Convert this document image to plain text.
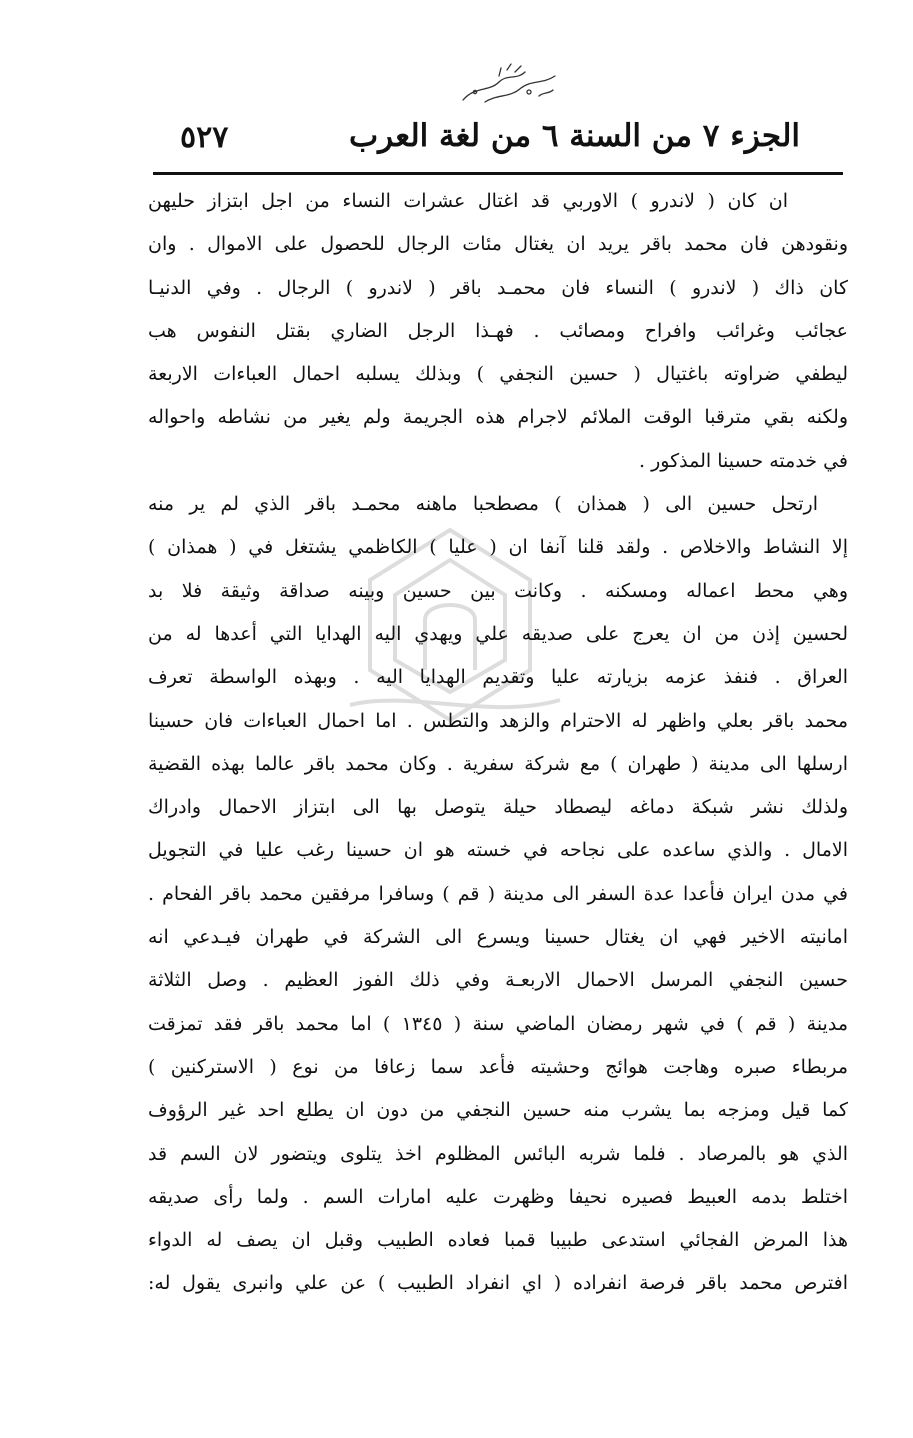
الجزء ٧ من السنة ٦ من لغة العرب
٥٢٧
ان كان ( لاندرو ) الاوربي قد اغتال عشرات النساء من اجل ابتزاز حليهن
ونقودهن فان محمد باقر يريد ان يغتال مئات الرجال للحصول على الاموال . وان
كان ذاك ( لاندرو ) النساء فان محمـد باقر ( لاندرو ) الرجال . وفي الدنيـا
عجائب وغرائب وافراح ومصائب . فهـذا الرجل الضاري بقتل النفوس هب
ليطفي ضراوته باغتيال ( حسين النجفي ) وبذلك يسلبه احمال العباءات الاربعة
ولكنه بقي مترقبا الوقت الملائم لاجرام هذه الجريمة ولم يغير من نشاطه واحواله
في خدمته حسينا المذكور .
ارتحل حسين الى ( همذان ) مصطحبا ماهنه محمـد باقر الذي لم ير منه
إلا النشاط والاخلاص . ولقد قلنا آنفا ان ( عليا ) الكاظمي يشتغل في ( همذان )
وهي محط اعماله ومسكنه . وكانت بين حسين وبينه صداقة وثيقة فلا بد
لحسين إذن من ان يعرج على صديقه علي ويهدي اليه الهدايا التي أعدها له من
العراق . فنفذ عزمه بزيارته عليا وتقديم الهدايا اليه . وبهذه الواسطة تعرف
محمد باقر بعلي واظهر له الاحترام والزهد والتطس . اما احمال العباءات فان حسينا
ارسلها الى مدينة ( طهران ) مع شركة سفرية . وكان محمد باقر عالما بهذه القضية
ولذلك نشر شبكة دماغه ليصطاد حيلة يتوصل بها الى ابتزاز الاحمال وادراك
الامال . والذي ساعده على نجاحه في خسته هو ان حسينا رغب عليا في التجويل
في مدن ايران فأعدا عدة السفر الى مدينة ( قم ) وسافرا مرفقين محمد باقر الفحام .
امانيته الاخير فهي ان يغتال حسينا ويسرع الى الشركة في طهران فيـدعي انه
حسين النجفي المرسل الاحمال الاربعـة وفي ذلك الفوز العظيم . وصل الثلاثة
مدينة ( قم ) في شهر رمضان الماضي سنة ( ١٣٤٥ ) اما محمد باقر فقد تمزقت
مربطاء صبره وهاجت هوائج وحشيته فأعد سما زعافا من نوع ( الاستركنين )
كما قيل ومزجه بما يشرب منه حسين النجفي من دون ان يطلع احد غير الرؤوف
الذي هو بالمرصاد . فلما شربه البائس المظلوم اخذ يتلوى ويتضور لان السم قد
اختلط بدمه العبيط فصيره نحيفا وظهرت عليه امارات السم . ولما رأى صديقه
هذا المرض الفجائي استدعى طبيبا قمبا فعاده الطبيب وقبل ان يصف له الدواء
افترص محمد باقر فرصة انفراده ( اي انفراد الطبيب ) عن علي وانبرى يقول له:
